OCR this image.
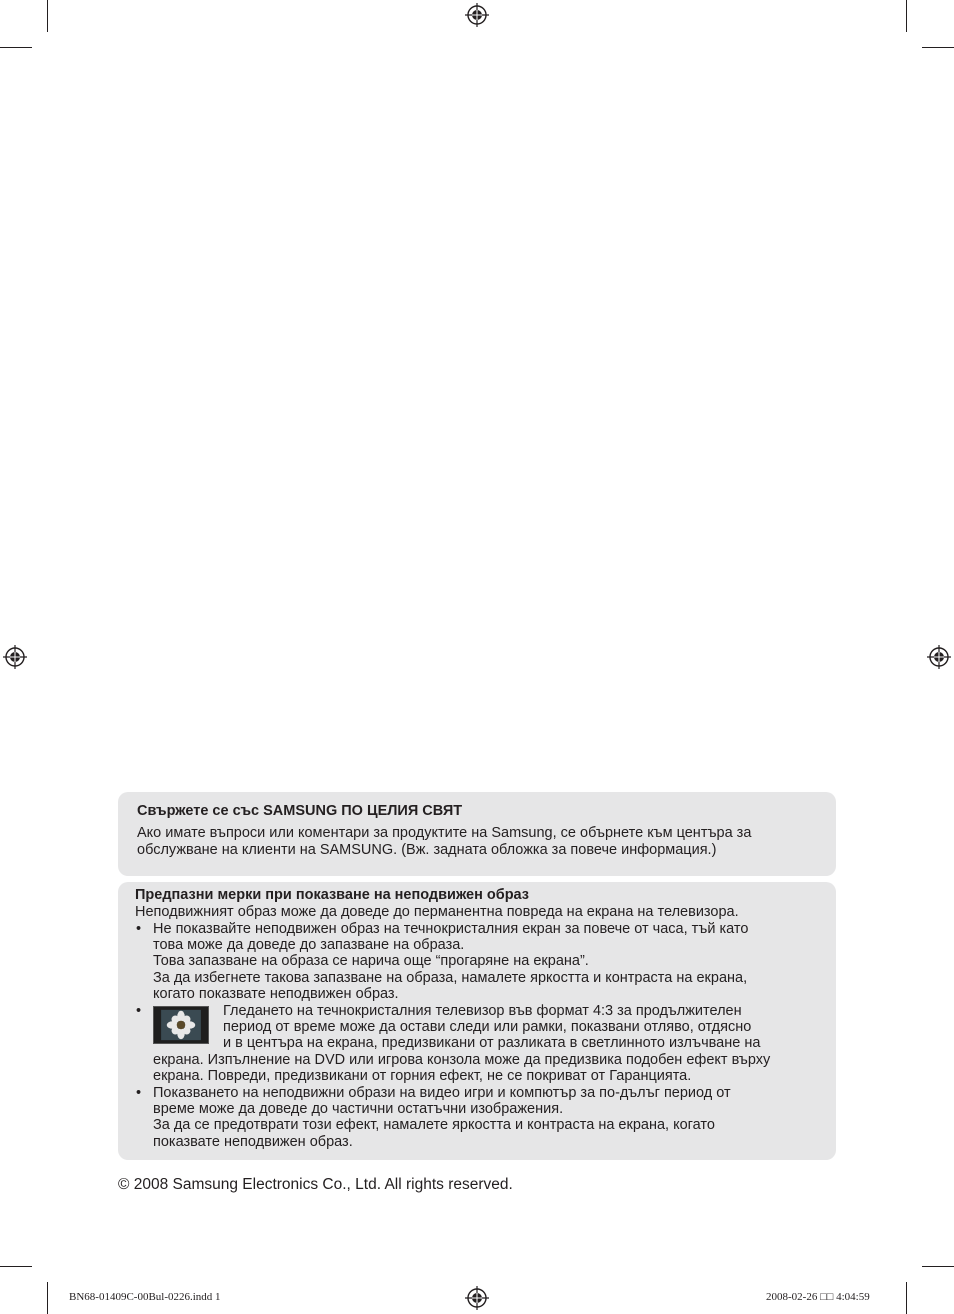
Свържете се със SAMSUNG ПО ЦЕЛИЯ СВЯТ
Ако имате въпроси или коментари за продуктите на Samsung, се обърнете към центъра за
обслужване на клиенти на SAMSUNG. (Вж. задната обложка за повече информация.)
Предпазни мерки при показване на неподвижен образ
Неподвижният образ може да доведе до перманентна повреда на екрана на телевизора.
• Не показвайте неподвижен образ на течнокристалния екран за повече от часа, тъй като
това може да доведе до запазване на образа.
Това запазване на образа се нарича още “прогаряне на екрана”.
За да избегнете такова запазване на образа, намалете яркостта и контраста на екрана,
когато показвате неподвижен образ.
•	Гледането на течнокристалния телевизор във формат 4:3 за продължителен
период от време може да остави следи или рамки, показвани отляво, отдясно
и в центъра на екрана, предизвикани от разликата в светлинното излъчване на
екрана. Изпълнение на DVD или игрова конзола може да предизвика подобен ефект върху
екрана. Повреди, предизвикани от горния ефект, не се покриват от Гаранцията.
• Показването на неподвижни образи на видео игри и компютър за по-дълъг период от
време може да доведе до частични остатъчни изображения.
За да се предотврати този ефект, намалете яркостта и контраста на екрана, когато
показвате неподвижен образ.
© 2008 Samsung Electronics Co., Ltd. All rights reserved.
BN68-01409C-00Bul-0226.indd 1	2008-02-26 □□ 4:04:59
